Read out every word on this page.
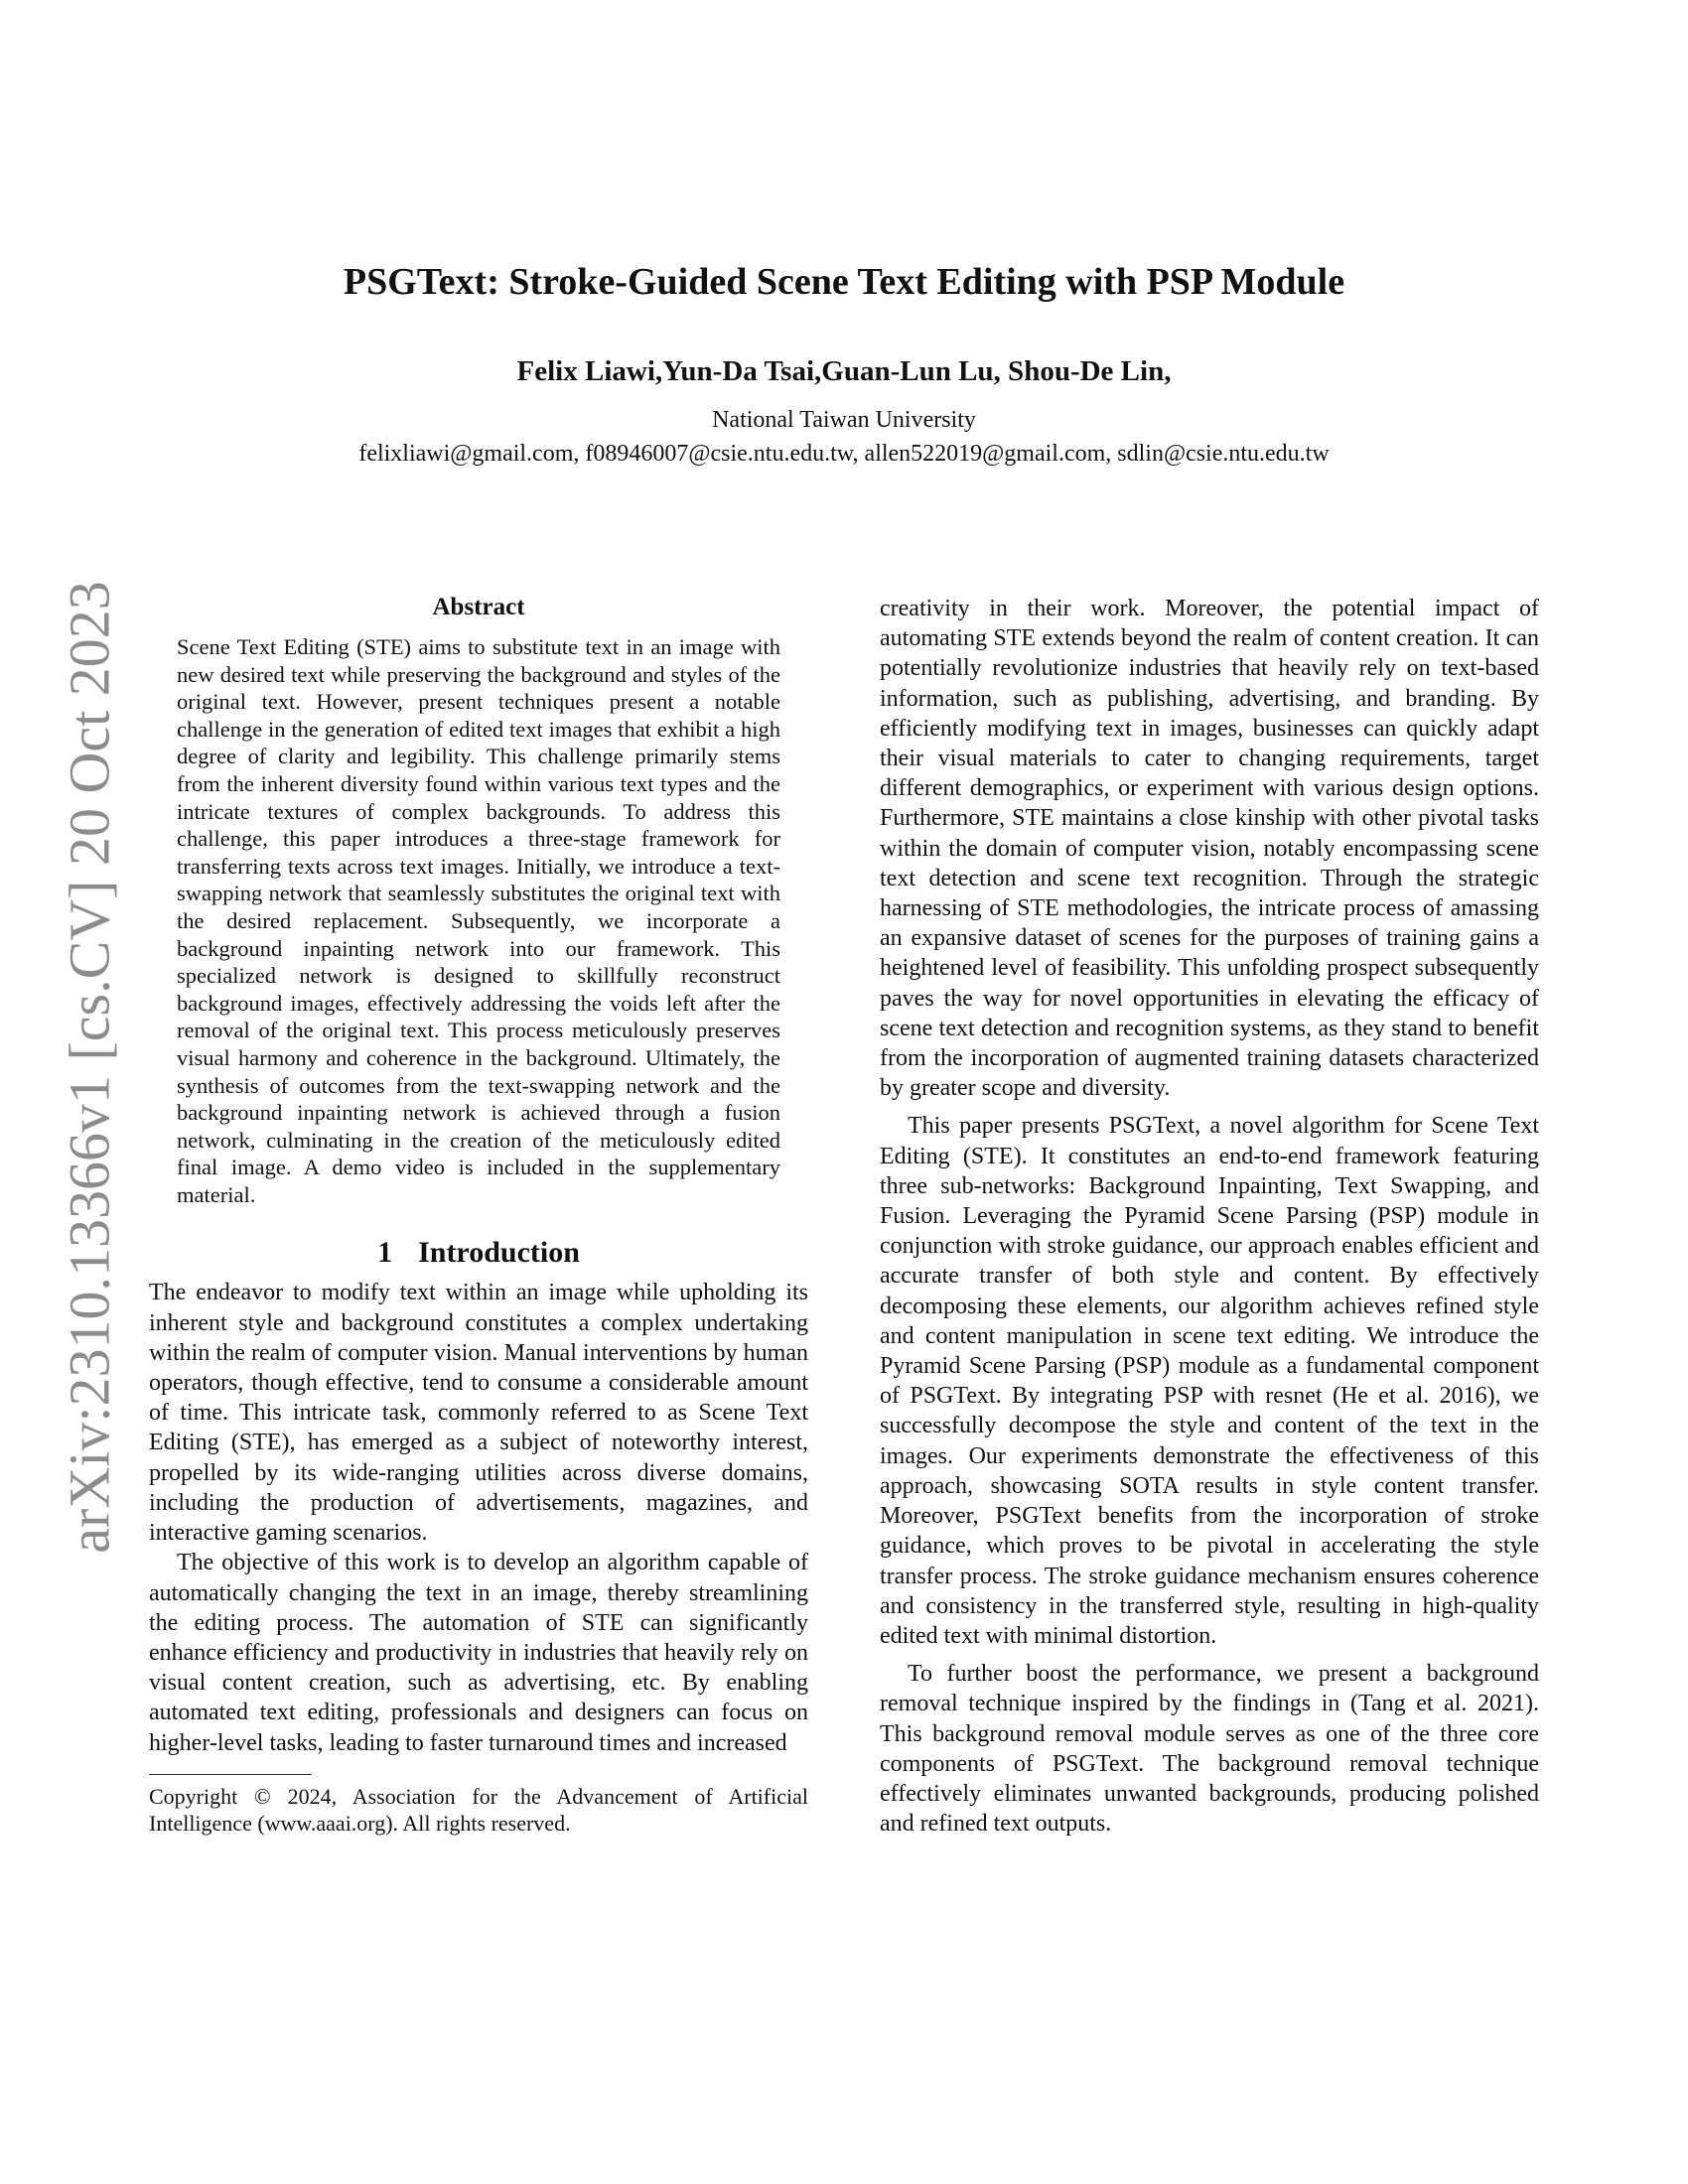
arXiv:2310.13366v1 [cs.CV] 20 Oct 2023
PSGText: Stroke-Guided Scene Text Editing with PSP Module
Felix Liawi,Yun-Da Tsai,Guan-Lun Lu, Shou-De Lin,
National Taiwan University
felixliawi@gmail.com, f08946007@csie.ntu.edu.tw, allen522019@gmail.com, sdlin@csie.ntu.edu.tw
Abstract
Scene Text Editing (STE) aims to substitute text in an image with new desired text while preserving the background and styles of the original text. However, present techniques present a notable challenge in the generation of edited text images that exhibit a high degree of clarity and legibility. This challenge primarily stems from the inherent diversity found within various text types and the intricate textures of complex backgrounds. To address this challenge, this paper introduces a three-stage framework for transferring texts across text images. Initially, we introduce a text-swapping network that seamlessly substitutes the original text with the desired replacement. Subsequently, we incorporate a background inpainting network into our framework. This specialized network is designed to skillfully reconstruct background images, effectively addressing the voids left after the removal of the original text. This process meticulously preserves visual harmony and coherence in the background. Ultimately, the synthesis of outcomes from the text-swapping network and the background inpainting network is achieved through a fusion network, culminating in the creation of the meticulously edited final image. A demo video is included in the supplementary material.
1 Introduction

The endeavor to modify text within an image while upholding its inherent style and background constitutes a complex undertaking within the realm of computer vision. Manual interventions by human operators, though effective, tend to consume a considerable amount of time. This intricate task, commonly referred to as Scene Text Editing (STE), has emerged as a subject of noteworthy interest, propelled by its wide-ranging utilities across diverse domains, including the production of advertisements, magazines, and interactive gaming scenarios.

The objective of this work is to develop an algorithm capable of automatically changing the text in an image, thereby streamlining the editing process. The automation of STE can significantly enhance efficiency and productivity in industries that heavily rely on visual content creation, such as advertising, etc. By enabling automated text editing, professionals and designers can focus on higher-level tasks, leading to faster turnaround times and increased

Copyright © 2024, Association for the Advancement of Artificial Intelligence (www.aaai.org). All rights reserved.

creativity in their work. Moreover, the potential impact of automating STE extends beyond the realm of content creation. It can potentially revolutionize industries that heavily rely on text-based information, such as publishing, advertising, and branding. By efficiently modifying text in images, businesses can quickly adapt their visual materials to cater to changing requirements, target different demographics, or experiment with various design options. Furthermore, STE maintains a close kinship with other pivotal tasks within the domain of computer vision, notably encompassing scene text detection and scene text recognition. Through the strategic harnessing of STE methodologies, the intricate process of amassing an expansive dataset of scenes for the purposes of training gains a heightened level of feasibility. This unfolding prospect subsequently paves the way for novel opportunities in elevating the efficacy of scene text detection and recognition systems, as they stand to benefit from the incorporation of augmented training datasets characterized by greater scope and diversity.

This paper presents PSGText, a novel algorithm for Scene Text Editing (STE). It constitutes an end-to-end framework featuring three sub-networks: Background Inpainting, Text Swapping, and Fusion. Leveraging the Pyramid Scene Parsing (PSP) module in conjunction with stroke guidance, our approach enables efficient and accurate transfer of both style and content. By effectively decomposing these elements, our algorithm achieves refined style and content manipulation in scene text editing. We introduce the Pyramid Scene Parsing (PSP) module as a fundamental component of PSGText. By integrating PSP with resnet (He et al. 2016), we successfully decompose the style and content of the text in the images. Our experiments demonstrate the effectiveness of this approach, showcasing SOTA results in style content transfer. Moreover, PSGText benefits from the incorporation of stroke guidance, which proves to be pivotal in accelerating the style transfer process. The stroke guidance mechanism ensures coherence and consistency in the transferred style, resulting in high-quality edited text with minimal distortion.

To further boost the performance, we present a background removal technique inspired by the findings in (Tang et al. 2021). This background removal module serves as one of the three core components of PSGText. The background removal technique effectively eliminates unwanted backgrounds, producing polished and refined text outputs.
